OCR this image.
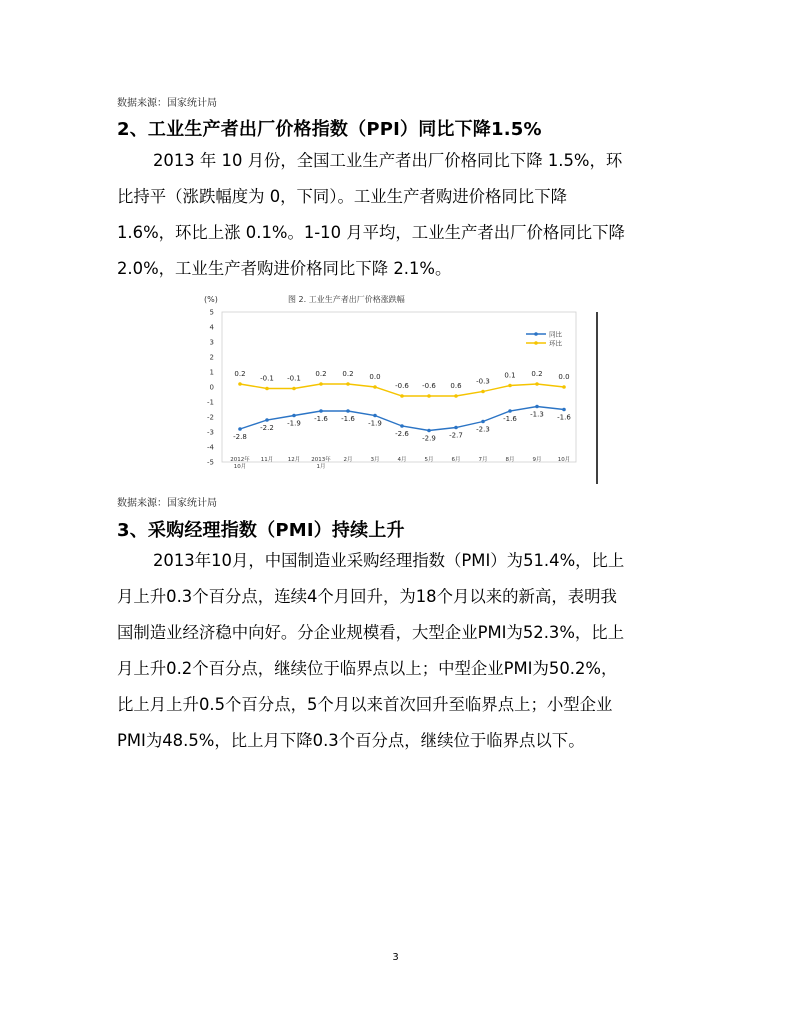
数据来源：国家统计局
2、工业生产者出厂价格指数（PPI）同比下降1.5%

2013 年 10 月份，全国工业生产者出厂价格同比下降 1.5%，环
比持平（涨跌幅度为 0，下同）。工业生产者购进价格同比下降
1.6%，环比上涨 0.1%。1-10 月平均，工业生产者出厂价格同比下降
2.0%，工业生产者购进价格同比下降 2.1%。

(%)	图 2. 工业生产者出厂价格涨跌幅
5
4
3
2
1
0
-1
-2
-3
-4
-5	2012年
10月
11月	12月 2013年
1月
2月	3月	4月	5月	6月	7月	8月	9月	10月
-2.8
-2.2
-1.9
-1.6 -1.6
-1.9
-2.6
-2.9 -2.7
-2.3
-1.6
-1.3 -1.6
0.2
-0.1 -0.1
0.2 0.2 0.0
-0.6 -0.6 0.6
-0.3
0.1 0.2 0.0
同比
环比
数据来源：国家统计局
3、采购经理指数（PMI）持续上升

2013年10月，中国制造业采购经理指数（PMI）为51.4%，比上
月上升0.3个百分点，连续4个月回升，为18个月以来的新高，表明我
国制造业经济稳中向好。分企业规模看，大型企业PMI为52.3%，比上
月上升0.2个百分点，继续位于临界点以上；中型企业PMI为50.2%，
比上月上升0.5个百分点，5个月以来首次回升至临界点上；小型企业
PMI为48.5%，比上月下降0.3个百分点，继续位于临界点以下。

3
